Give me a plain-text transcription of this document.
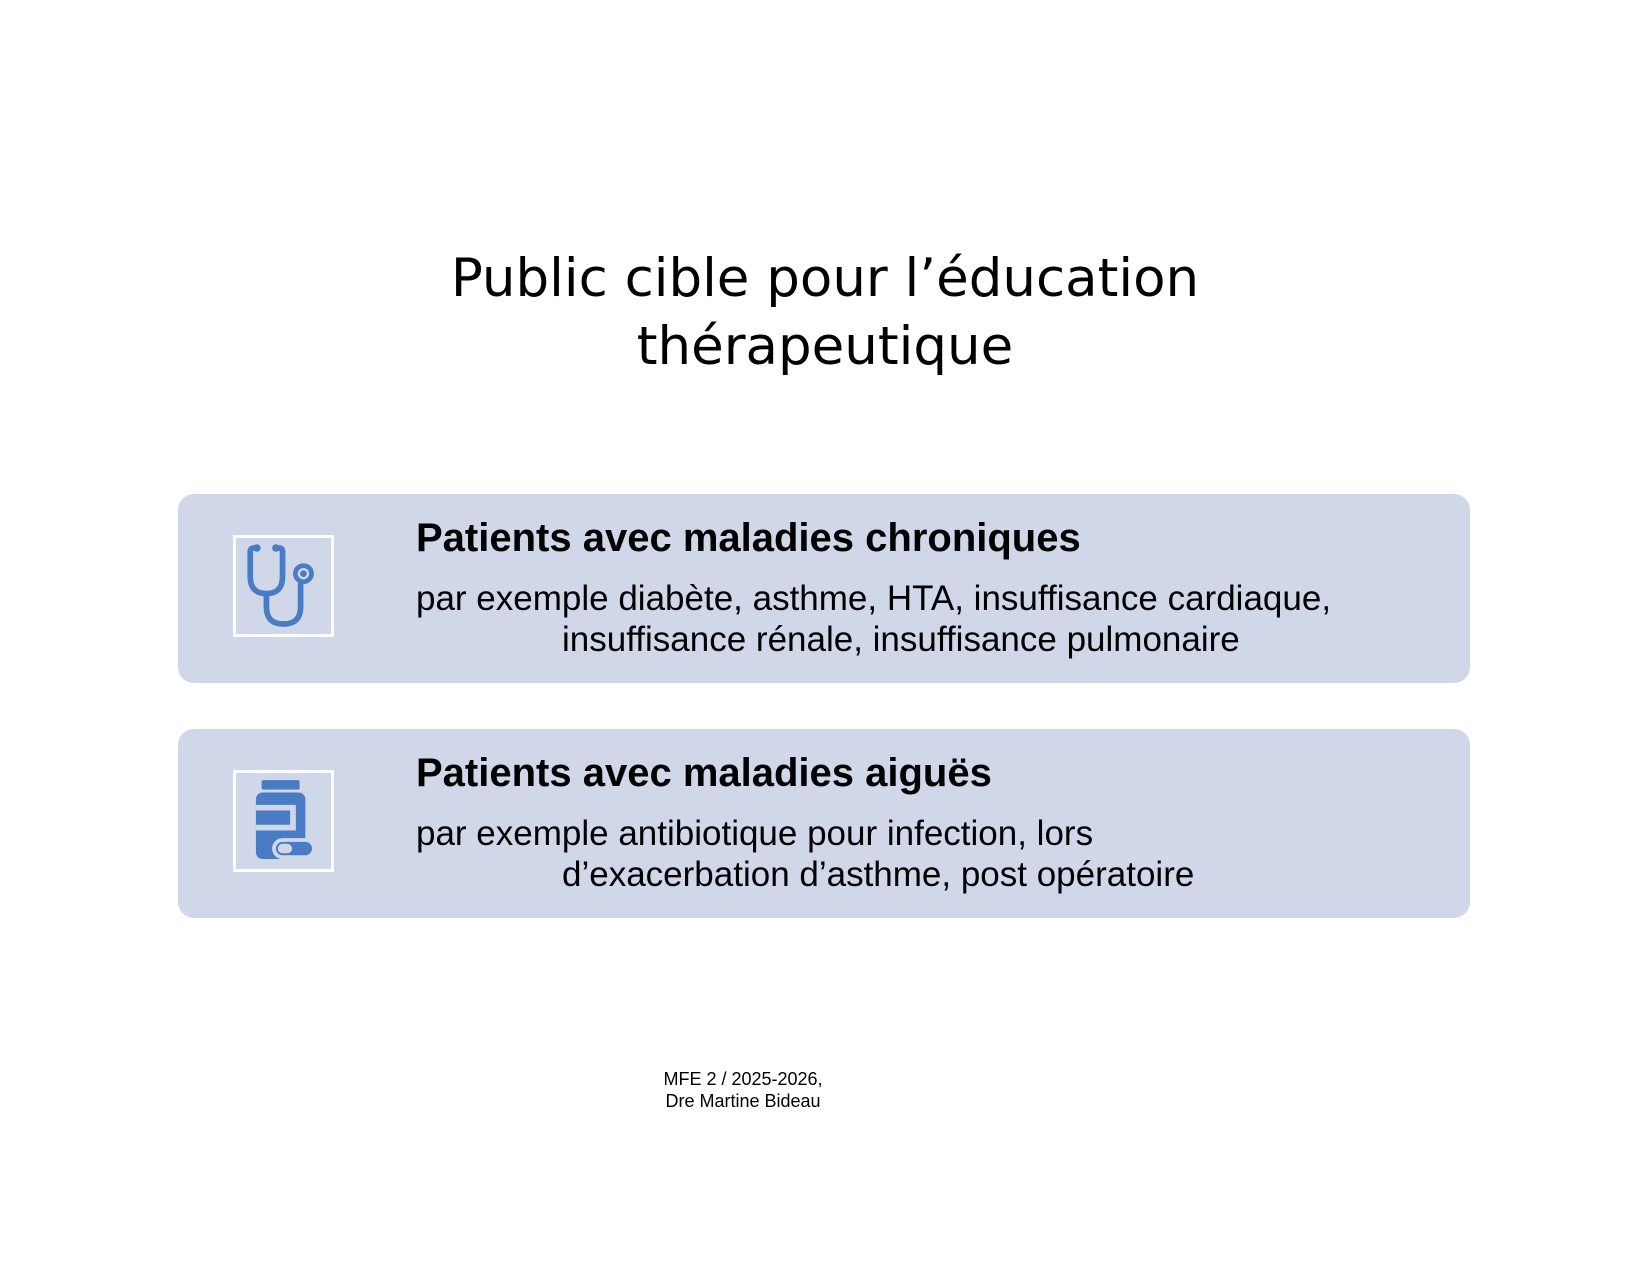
Public cible pour l’éducation
thérapeutique
Patients avec maladies chroniques
par exemple diabète, asthme, HTA, insuffisance cardiaque,
insuffisance rénale, insuffisance pulmonaire
Patients avec maladies aiguës
par exemple antibiotique pour infection, lors
d’exacerbation d’asthme, post opératoire
MFE 2 / 2025-2026,
Dre Martine Bideau
